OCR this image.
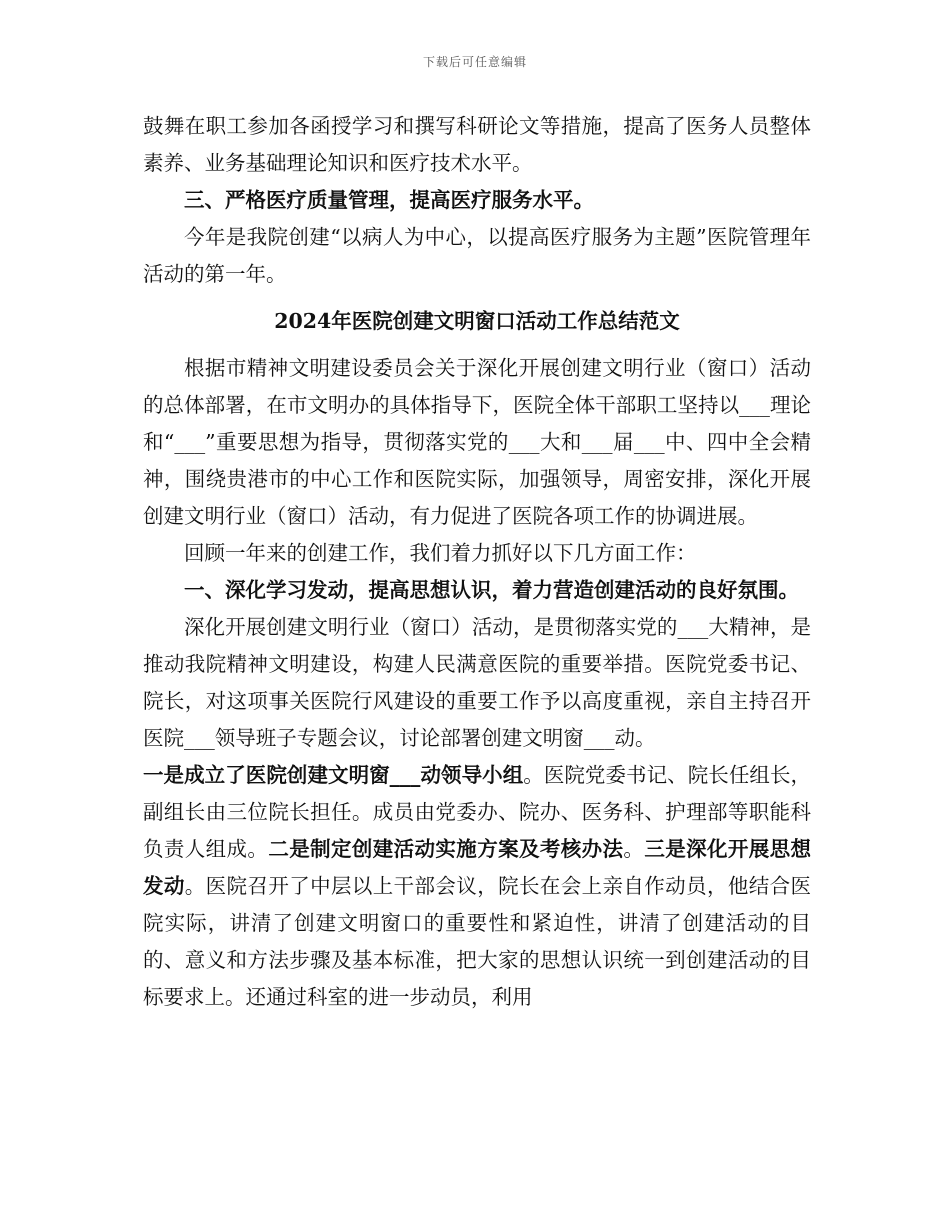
下载后可任意编辑

鼓舞在职工参加各函授学习和撰写科研论文等措施，提高了医务人员整体素养、业务基础理论知识和医疗技术水平。

三、严格医疗质量管理，提高医疗服务水平。

今年是我院创建“以病人为中心，以提高医疗服务为主题”医院管理年活动的第一年。

2024年医院创建文明窗口活动工作总结范文

根据市精神文明建设委员会关于深化开展创建文明行业（窗口）活动的总体部署，在市文明办的具体指导下，医院全体干部职工坚持以___理论和“___”重要思想为指导，贯彻落实党的___大和___届___中、四中全会精神，围绕贵港市的中心工作和医院实际，加强领导，周密安排，深化开展创建文明行业（窗口）活动，有力促进了医院各项工作的协调进展。

回顾一年来的创建工作，我们着力抓好以下几方面工作：

一、深化学习发动，提高思想认识，着力营造创建活动的良好氛围。

深化开展创建文明行业（窗口）活动，是贯彻落实党的___大精神，是推动我院精神文明建设，构建人民满意医院的重要举措。医院党委书记、院长，对这项事关医院行风建设的重要工作予以高度重视，亲自主持召开医院___领导班子专题会议，讨论部署创建文明窗___动。

一是成立了医院创建文明窗___动领导小组。医院党委书记、院长任组长，副组长由三位院长担任。成员由党委办、院办、医务科、护理部等职能科负责人组成。二是制定创建活动实施方案及考核办法。三是深化开展思想发动。医院召开了中层以上干部会议，院长在会上亲自作动员，他结合医院实际，讲清了创建文明窗口的重要性和紧迫性，讲清了创建活动的目的、意义和方法步骤及基本标准，把大家的思想认识统一到创建活动的目标要求上。还通过科室的进一步动员，利用
